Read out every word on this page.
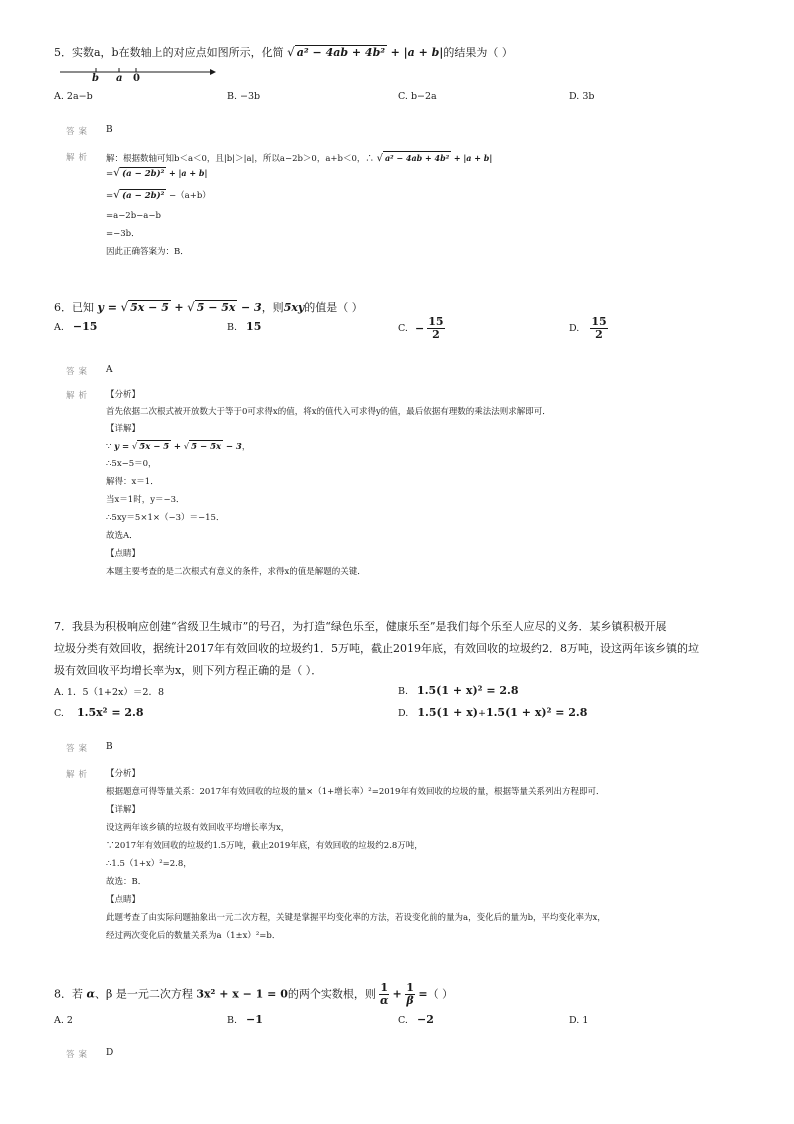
5．实数a，b在数轴上的对应点如图所示，化简 √ a² − 4ab + 4b² + |a + b|的结果为（ ）
b a 0
A. 2a−b	B. −3b	C. b−2a	D. 3b
答案 B
解析 解：根据数轴可知b＜a＜0，且|b|＞|a|，所以a−2b＞0，a+b＜0，∴ √ a² − 4ab + 4b² + |a + b|
=√ (a − 2b)² + |a + b|
=√ (a − 2b)² −（a+b）
=a−2b−a−b
=−3b．
因此正确答案为：B．
6．已知 y = √ 5x − 5 + √ 5 − 5x − 3，则5xy的值是（ ）
A. −15	B. 15	C. − $\frac{15}{2}$	D. $\frac{15}{2}$
答案 A
解析 【分析】
首先依据二次根式被开放数大于等于0可求得x的值，将x的值代入可求得y的值，最后依据有理数的乘法法则求解即可．
【详解】
∵ y = √ 5x − 5 + √ 5 − 5x − 3，
∴5x−5＝0，
解得：x＝1．
当x＝1时，y＝−3．
∴5xy＝5×1×（−3）＝−15．
故选A．
【点睛】
本题主要考查的是二次根式有意义的条件，求得x的值是解题的关键．
7．我县为积极响应创建“省级卫生城市”的号召，为打造“绿色乐至，健康乐至”是我们每个乐至人应尽的义务．某乡镇积极开展
垃圾分类有效回收，据统计2017年有效回收的垃圾约1．5万吨，截止2019年底，有效回收的垃圾约2．8万吨，设这两年该乡镇的垃
圾有效回收平均增长率为x，则下列方程正确的是（ ）．
A. 1．5（1+2x）＝2．8	B. 1.5(1 + x)² = 2.8
C. 1.5x² = 2.8	D. 1.5(1 + x)+1.5(1 + x)² = 2.8
答案 B
解析 【分析】
根据题意可得等量关系：2017年有效回收的垃圾的量×（1+增长率）²=2019年有效回收的垃圾的量，根据等量关系列出方程即可．
【详解】
设这两年该乡镇的垃圾有效回收平均增长率为x，
∵2017年有效回收的垃圾约1.5万吨，截止2019年底，有效回收的垃圾约2.8万吨，
∴1.5（1+x）²=2.8，
故选：B．
【点睛】
此题考查了由实际问题抽象出一元二次方程，关键是掌握平均变化率的方法，若设变化前的量为a，变化后的量为b，平均变化率为x，
经过两次变化后的数量关系为a（1±x）²=b．
8．若 α、β 是一元二次方程 3x² + x − 1 = 0的两个实数根，则 $\frac{1}{\alpha} + \frac{1}{\beta}$ =（ ）
A. 2	B. −1	C. −2	D. 1
答案 D
